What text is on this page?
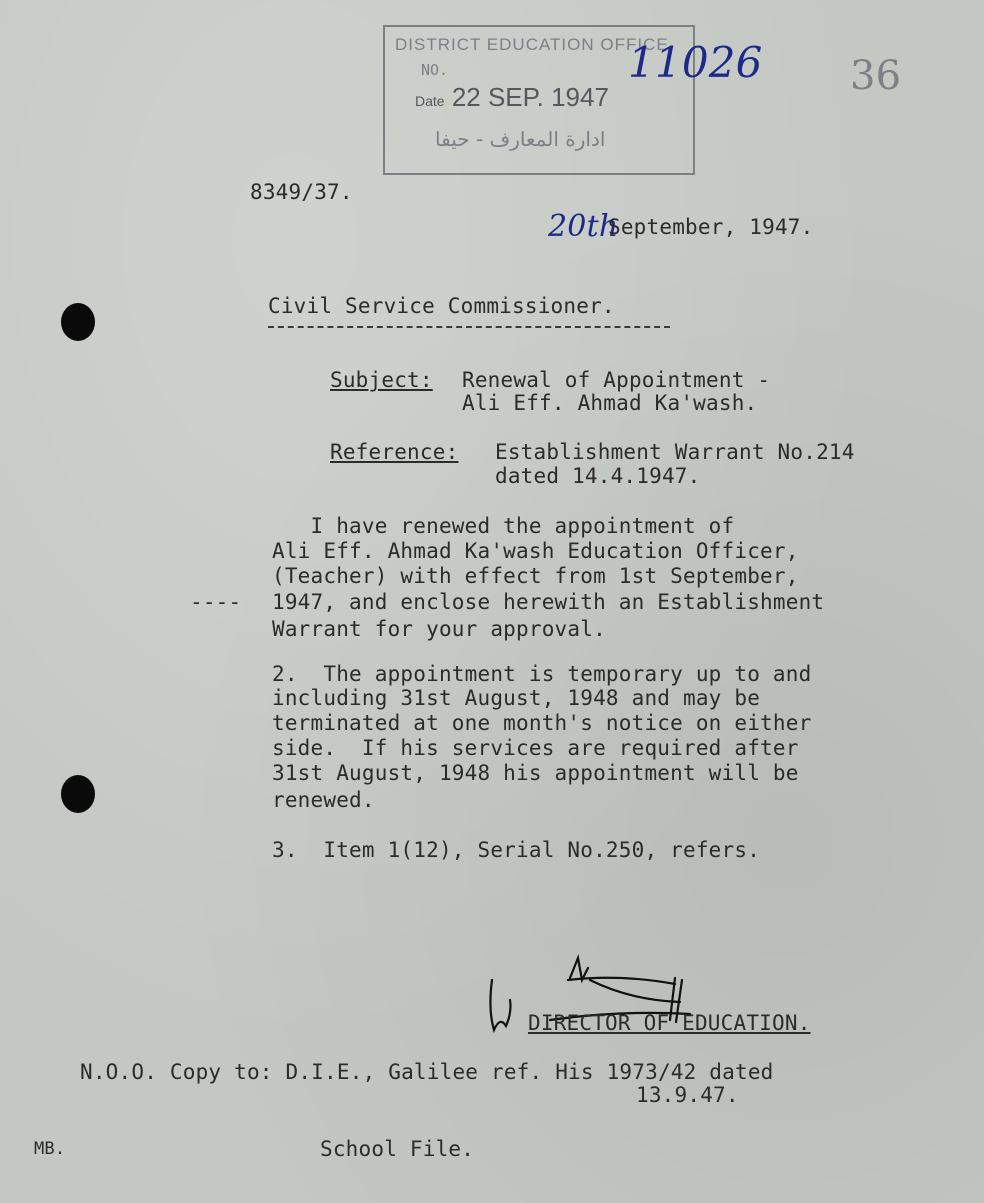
DISTRICT EDUCATION OFFICE
NO.
Date 22 SEP. 1947
ادارة المعارف - حيفا
11026 36
8349/37.
20th
September, 1947.
Civil Service Commissioner.
Subject: Renewal of Appointment -
Ali Eff. Ahmad Ka'wash.
Reference: Establishment Warrant No.214
dated 14.4.1947.
I have renewed the appointment of
Ali Eff. Ahmad Ka'wash Education Officer,
(Teacher) with effect from 1st September,
---- 1947, and enclose herewith an Establishment
Warrant for your approval.
2.  The appointment is temporary up to and
including 31st August, 1948 and may be
terminated at one month's notice on either
side.  If his services are required after
31st August, 1948 his appointment will be
renewed.
3.  Item 1(12), Serial No.250, refers.
DIRECTOR OF EDUCATION.
N.O.O. Copy to: D.I.E., Galilee ref. His 1973/42 dated
13.9.47.
MB.	School File.
